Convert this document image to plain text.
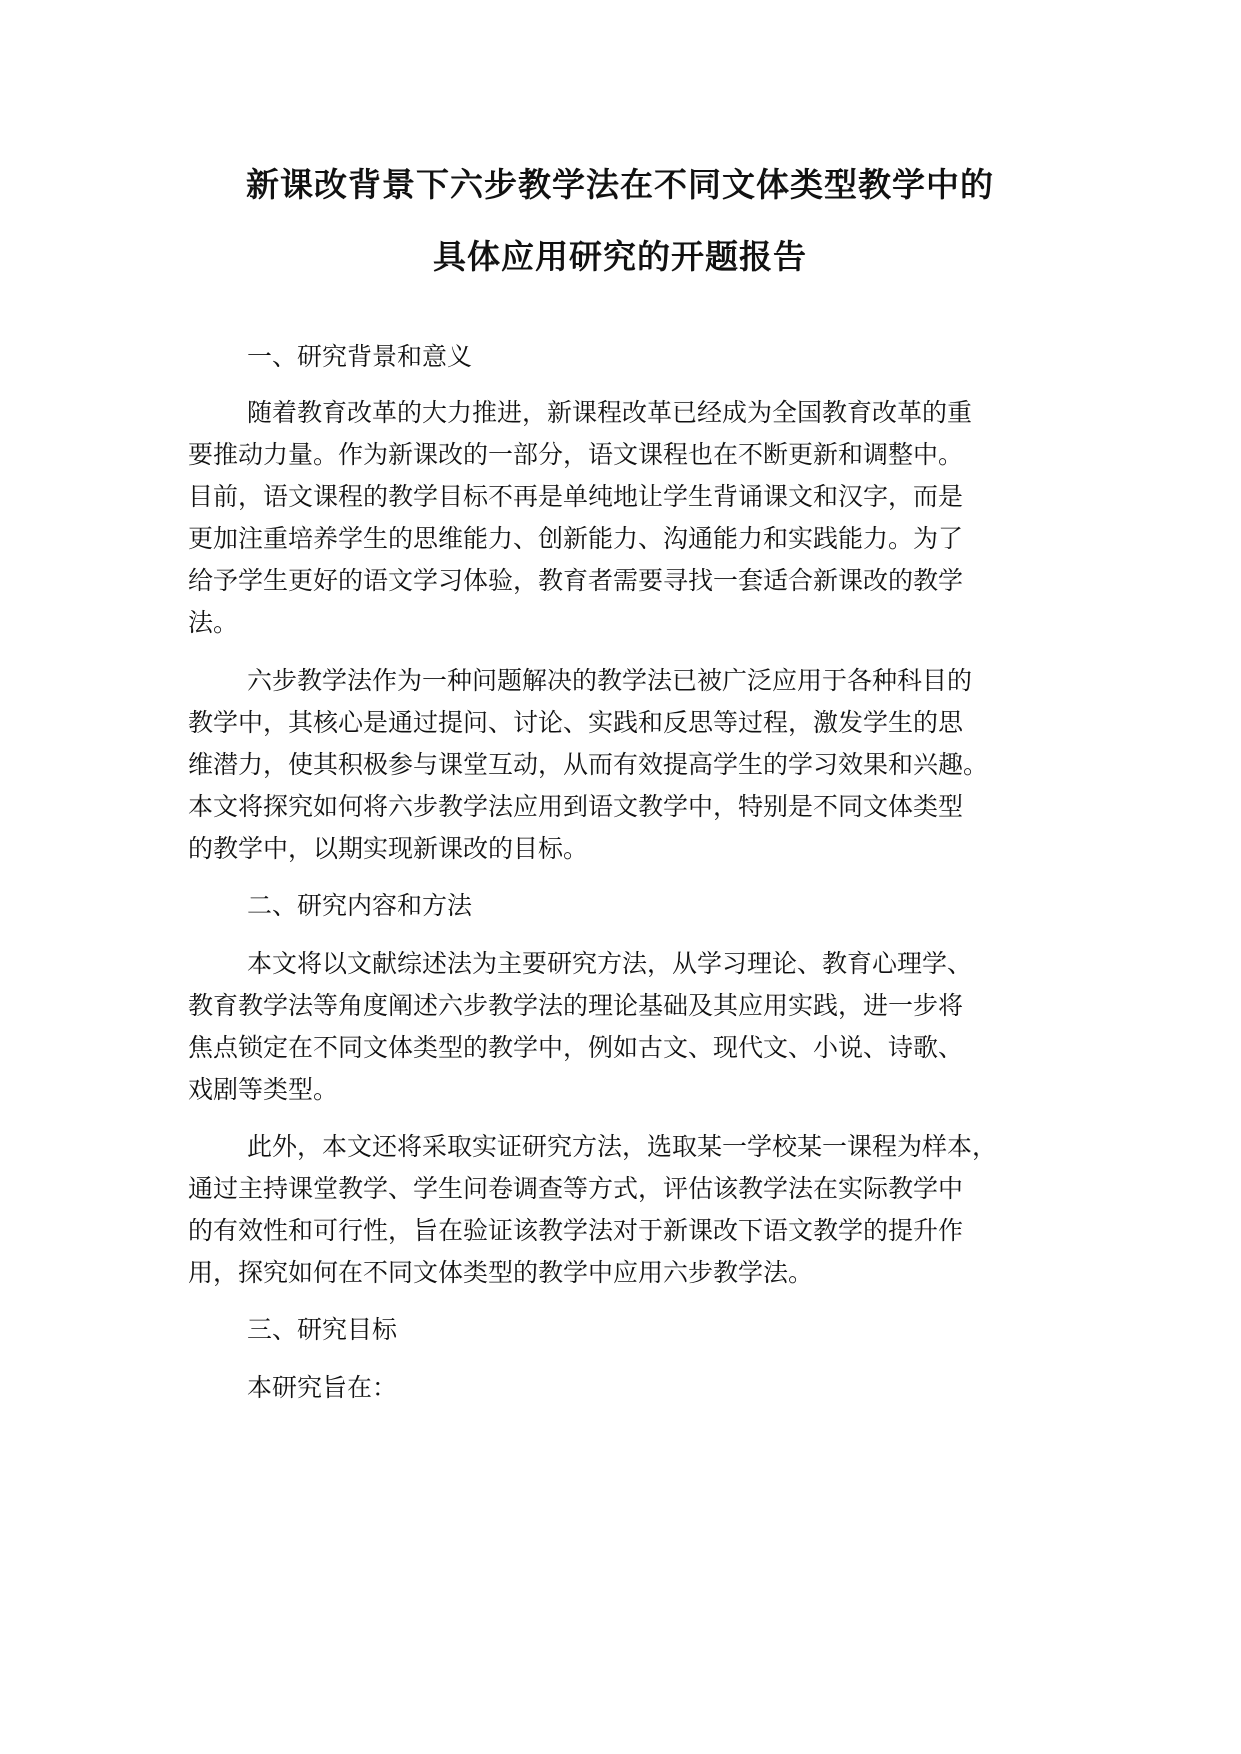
新课改背景下六步教学法在不同文体类型教学中的
具体应用研究的开题报告
一、研究背景和意义
随着教育改革的大力推进，新课程改革已经成为全国教育改革的重
要推动力量。作为新课改的一部分，语文课程也在不断更新和调整中。
目前，语文课程的教学目标不再是单纯地让学生背诵课文和汉字，而是
更加注重培养学生的思维能力、创新能力、沟通能力和实践能力。为了
给予学生更好的语文学习体验，教育者需要寻找一套适合新课改的教学
法。
六步教学法作为一种问题解决的教学法已被广泛应用于各种科目的
教学中，其核心是通过提问、讨论、实践和反思等过程，激发学生的思
维潜力，使其积极参与课堂互动，从而有效提高学生的学习效果和兴趣。
本文将探究如何将六步教学法应用到语文教学中，特别是不同文体类型
的教学中，以期实现新课改的目标。
二、研究内容和方法
本文将以文献综述法为主要研究方法，从学习理论、教育心理学、
教育教学法等角度阐述六步教学法的理论基础及其应用实践，进一步将
焦点锁定在不同文体类型的教学中，例如古文、现代文、小说、诗歌、
戏剧等类型。
此外，本文还将采取实证研究方法，选取某一学校某一课程为样本，
通过主持课堂教学、学生问卷调查等方式，评估该教学法在实际教学中
的有效性和可行性，旨在验证该教学法对于新课改下语文教学的提升作
用，探究如何在不同文体类型的教学中应用六步教学法。
三、研究目标
本研究旨在：
